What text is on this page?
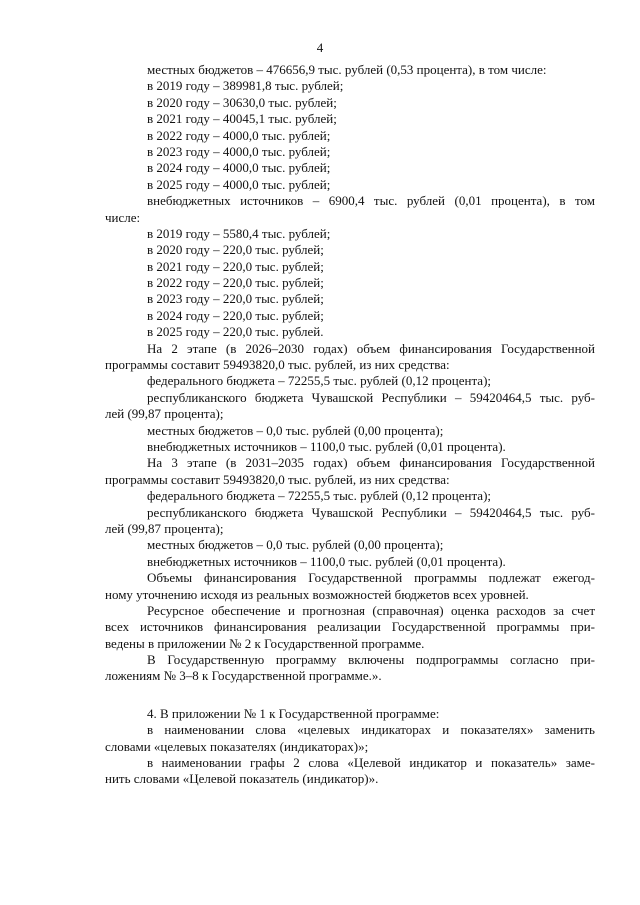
4
местных бюджетов – 476656,9 тыс. рублей (0,53 процента), в том числе:
в 2019 году – 389981,8 тыс. рублей;
в 2020 году – 30630,0 тыс. рублей;
в 2021 году – 40045,1 тыс. рублей;
в 2022 году – 4000,0 тыс. рублей;
в 2023 году – 4000,0 тыс. рублей;
в 2024 году – 4000,0 тыс. рублей;
в 2025 году – 4000,0 тыс. рублей;
внебюджетных источников – 6900,4 тыс. рублей (0,01 процента), в том
числе:
в 2019 году – 5580,4 тыс. рублей;
в 2020 году – 220,0 тыс. рублей;
в 2021 году – 220,0 тыс. рублей;
в 2022 году – 220,0 тыс. рублей;
в 2023 году – 220,0 тыс. рублей;
в 2024 году – 220,0 тыс. рублей;
в 2025 году – 220,0 тыс. рублей.
На 2 этапе (в 2026–2030 годах) объем финансирования Государственной
программы составит 59493820,0 тыс. рублей, из них средства:
федерального бюджета – 72255,5 тыс. рублей (0,12 процента);
республиканского бюджета Чувашской Республики – 59420464,5 тыс. руб-
лей (99,87 процента);
местных бюджетов – 0,0 тыс. рублей (0,00 процента);
внебюджетных источников – 1100,0 тыс. рублей (0,01 процента).
На 3 этапе (в 2031–2035 годах) объем финансирования Государственной
программы составит 59493820,0 тыс. рублей, из них средства:
федерального бюджета – 72255,5 тыс. рублей (0,12 процента);
республиканского бюджета Чувашской Республики – 59420464,5 тыс. руб-
лей (99,87 процента);
местных бюджетов – 0,0 тыс. рублей (0,00 процента);
внебюджетных источников – 1100,0 тыс. рублей (0,01 процента).
Объемы финансирования Государственной программы подлежат ежегод-
ному уточнению исходя из реальных возможностей бюджетов всех уровней.
Ресурсное обеспечение и прогнозная (справочная) оценка расходов за счет
всех источников финансирования реализации Государственной программы при-
ведены в приложении № 2 к Государственной программе.
В Государственную программу включены подпрограммы согласно при-
ложениям № 3–8 к Государственной программе.».
4. В приложении № 1 к Государственной программе:
в наименовании слова «целевых индикаторах и показателях» заменить
словами «целевых показателях (индикаторах)»;
в наименовании графы 2 слова «Целевой индикатор и показатель» заме-
нить словами «Целевой показатель (индикатор)».
